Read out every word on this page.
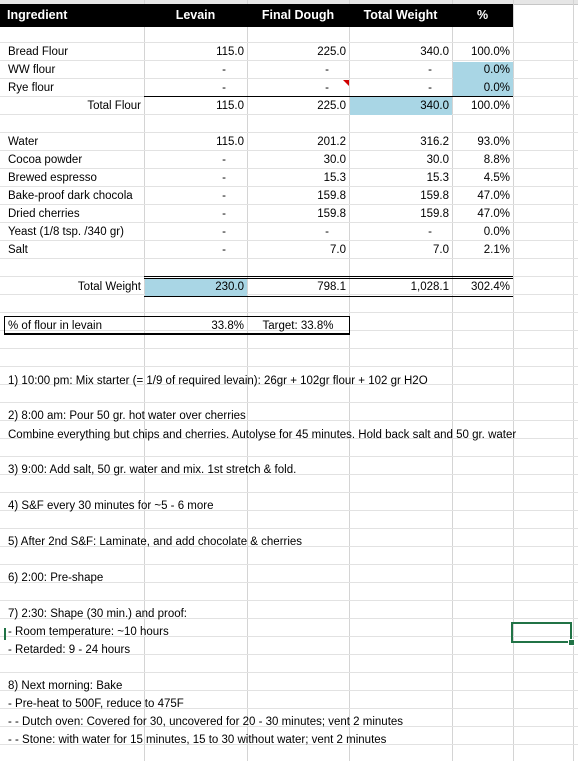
Ingredient	Levain	Final Dough	Total Weight	%
Bread Flour	115.0	225.0	340.0	100.0%
WW flour	-	-	-	0.0%
Rye flour	-	-	-	0.0%
Total Flour	115.0	225.0	340.0	100.0%
Water	115.0	201.2	316.2	93.0%
Cocoa powder	-	30.0	30.0	8.8%
Brewed espresso	-	15.3	15.3	4.5%
Bake-proof dark chocola	-	159.8	159.8	47.0%
Dried cherries	-	159.8	159.8	47.0%
Yeast (1/8 tsp. /340 gr)	-	-	-	0.0%
Salt	-	7.0	7.0	2.1%
Total Weight	230.0	798.1	1,028.1	302.4%
% of flour in levain	33.8%	Target: 33.8%
1) 10:00 pm: Mix starter (= 1/9 of required levain): 26gr + 102gr flour + 102 gr H2O
2) 8:00 am: Pour 50 gr. hot water over cherries
Combine everything but chips and cherries. Autolyse for 45 minutes. Hold back salt and 50 gr. water
3) 9:00: Add salt, 50 gr. water and mix. 1st stretch & fold.
4) S&F every 30 minutes for ~5 - 6 more
5) After 2nd S&F: Laminate, and add chocolate & cherries
6) 2:00: Pre-shape
7) 2:30: Shape (30 min.) and proof:
- Room temperature: ~10 hours
- Retarded: 9 - 24 hours
8) Next morning: Bake
- Pre-heat to 500F, reduce to 475F
- - Dutch oven: Covered for 30, uncovered for 20 - 30 minutes; vent 2 minutes
- - Stone: with water for 15 minutes, 15 to 30 without water; vent 2 minutes
